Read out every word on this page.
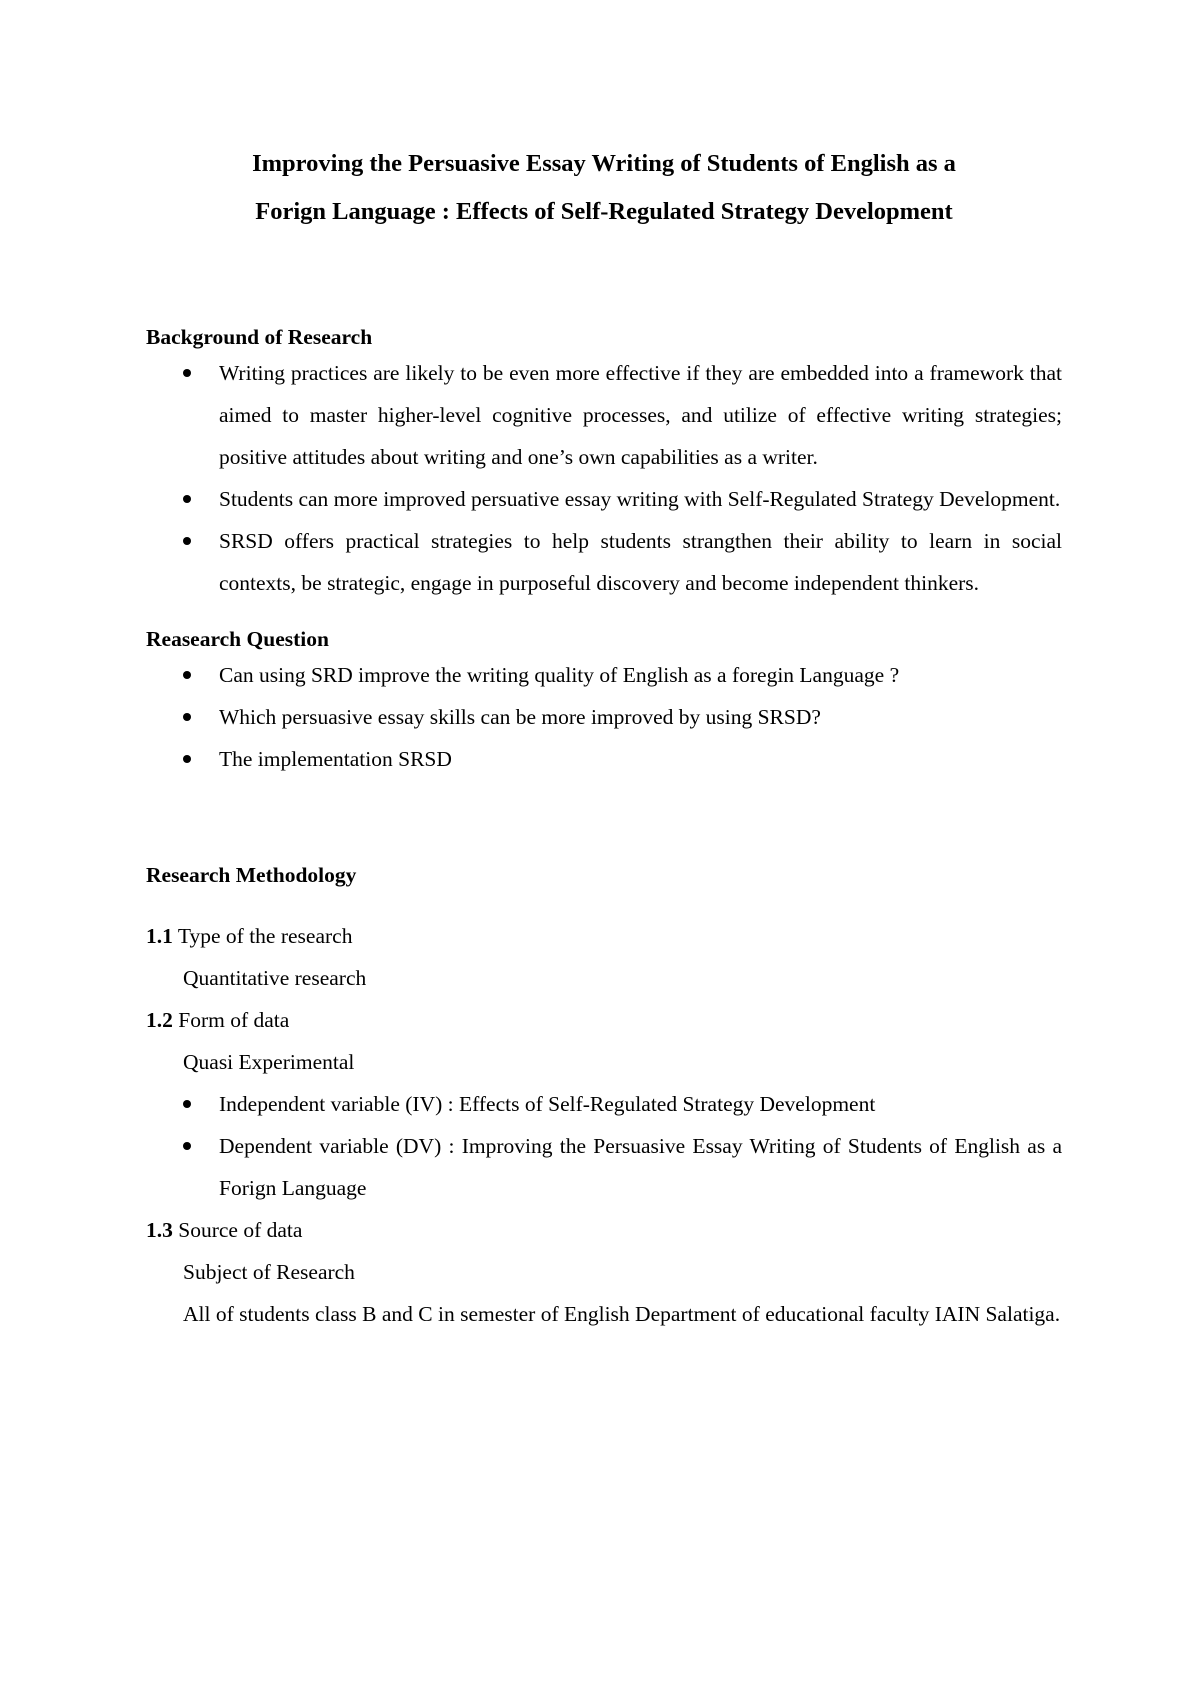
Improving the Persuasive Essay Writing of Students of English as a
Forign Language : Effects of Self-Regulated Strategy Development
Background of Research
Writing practices are likely to be even more effective if they are embedded into a framework that aimed to master higher-level cognitive processes, and utilize of effective writing strategies; positive attitudes about writing and one’s own capabilities as a writer.
Students can more improved persuative essay writing with Self-Regulated Strategy Development.
SRSD offers practical strategies to help students strangthen their ability to learn in social contexts, be strategic, engage in purposeful discovery and become independent thinkers.
Reasearch Question
Can using SRD improve the writing quality of English as a foregin Language ?
Which persuasive essay skills can be more improved by using SRSD?
The implementation SRSD
Research Methodology
1.1 Type of the research
Quantitative research
1.2 Form of data
Quasi Experimental
Independent variable (IV) : Effects of Self-Regulated Strategy Development
Dependent variable (DV) : Improving the Persuasive Essay Writing of Students of English as a Forign Language
1.3 Source of data
Subject of Research
All of students class B and C in semester of English Department of educational faculty IAIN Salatiga.
